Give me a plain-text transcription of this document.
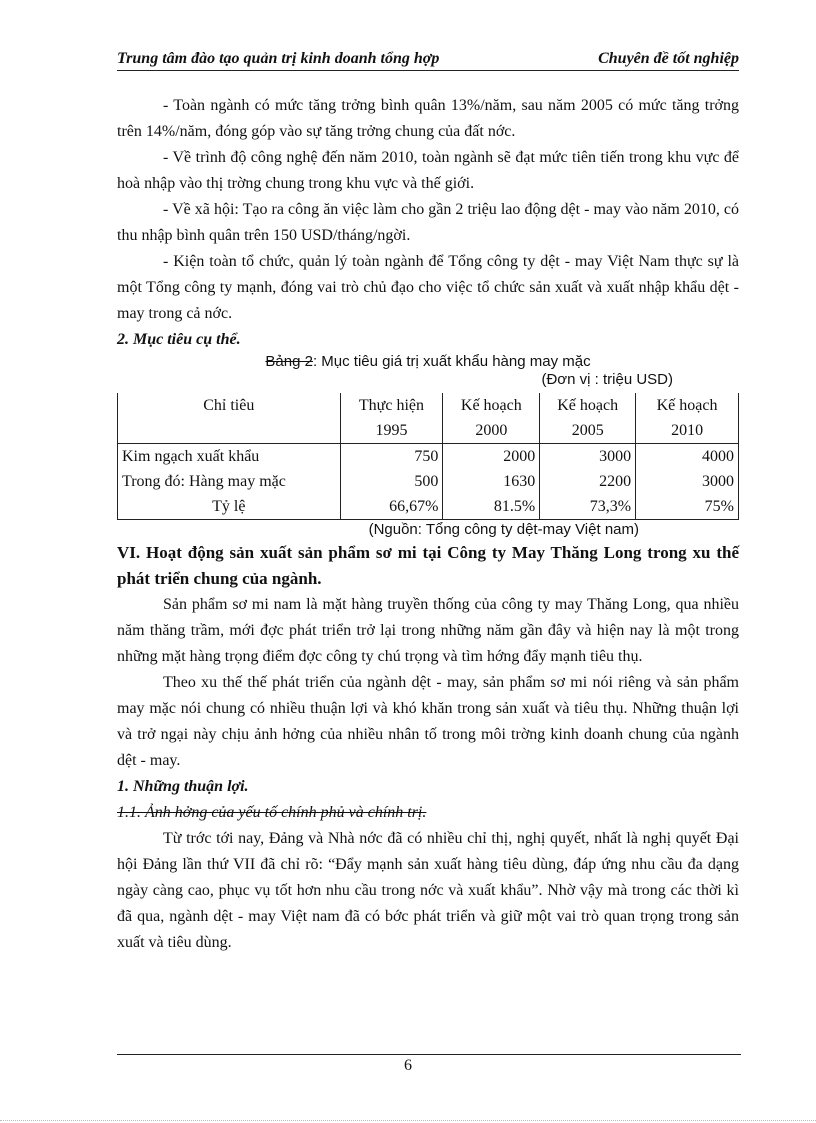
Trung tâm đào tạo quản trị kinh doanh tổng hợp	Chuyên đề tốt nghiệp

- Toàn ngành có mức tăng trởng bình quân 13%/năm, sau năm 2005 có mức tăng trởng trên 14%/năm, đóng góp vào sự tăng trởng chung của đất nớc.

- Về trình độ công nghệ đến năm 2010, toàn ngành sẽ đạt mức tiên tiến trong khu vực để hoà nhập vào thị trờng chung trong khu vực và thế giới.

- Về xã hội: Tạo ra công ăn việc làm cho gần 2 triệu lao động dệt - may vào năm 2010, có thu nhập bình quân trên 150 USD/tháng/ngời.

- Kiện toàn tổ chức, quản lý toàn ngành để Tổng công ty dệt - may Việt Nam thực sự là một Tổng công ty mạnh, đóng vai trò chủ đạo cho việc tổ chức sản xuất và xuất nhập khẩu dệt - may trong cả nớc.

2. Mục tiêu cụ thể.

Bảng 2: Mục tiêu giá trị xuất khẩu hàng may mặc
(Đơn vị : triệu USD)
Chỉ tiêu	Thực hiện	Kế hoạch	Kế hoạch	Kế hoạch
	1995	2000	2005	2010
Kim ngạch xuất khẩu	750	2000	3000	4000
Trong đó: Hàng may mặc	500	1630	2200	3000
Tỷ lệ	66,67%	81.5%	73,3%	75%
(Nguồn: Tổng công ty dệt-may Việt nam)

VI. Hoạt động sản xuất sản phẩm sơ mi tại Công ty May Thăng Long trong xu thế phát triển chung của ngành.

Sản phẩm sơ mi nam là mặt hàng truyền thống của công ty may Thăng Long, qua nhiều năm thăng trầm, mới đợc phát triển trở lại trong những năm gần đây và hiện nay là một trong những mặt hàng trọng điểm đợc công ty chú trọng và tìm hớng đẩy mạnh tiêu thụ.

Theo xu thế thế phát triển của ngành dệt - may, sản phẩm sơ mi nói riêng và sản phẩm may mặc nói chung có nhiều thuận lợi và khó khăn trong sản xuất và tiêu thụ. Những thuận lợi và trở ngại này chịu ảnh hởng của nhiều nhân tố trong môi trờng kinh doanh chung của ngành dệt - may.

1. Những thuận lợi.

1.1. Ảnh hởng của yếu tố chính phủ và chính trị.

Từ trớc tới nay, Đảng và Nhà nớc đã có nhiều chỉ thị, nghị quyết, nhất là nghị quyết Đại hội Đảng lần thứ VII đã chỉ rõ: “Đẩy mạnh sản xuất hàng tiêu dùng, đáp ứng nhu cầu đa dạng ngày càng cao, phục vụ tốt hơn nhu cầu trong nớc và xuất khẩu”. Nhờ vậy mà trong các thời kì đã qua, ngành dệt - may Việt nam đã có bớc phát triển và giữ một vai trò quan trọng trong sản xuất và tiêu dùng.

6
